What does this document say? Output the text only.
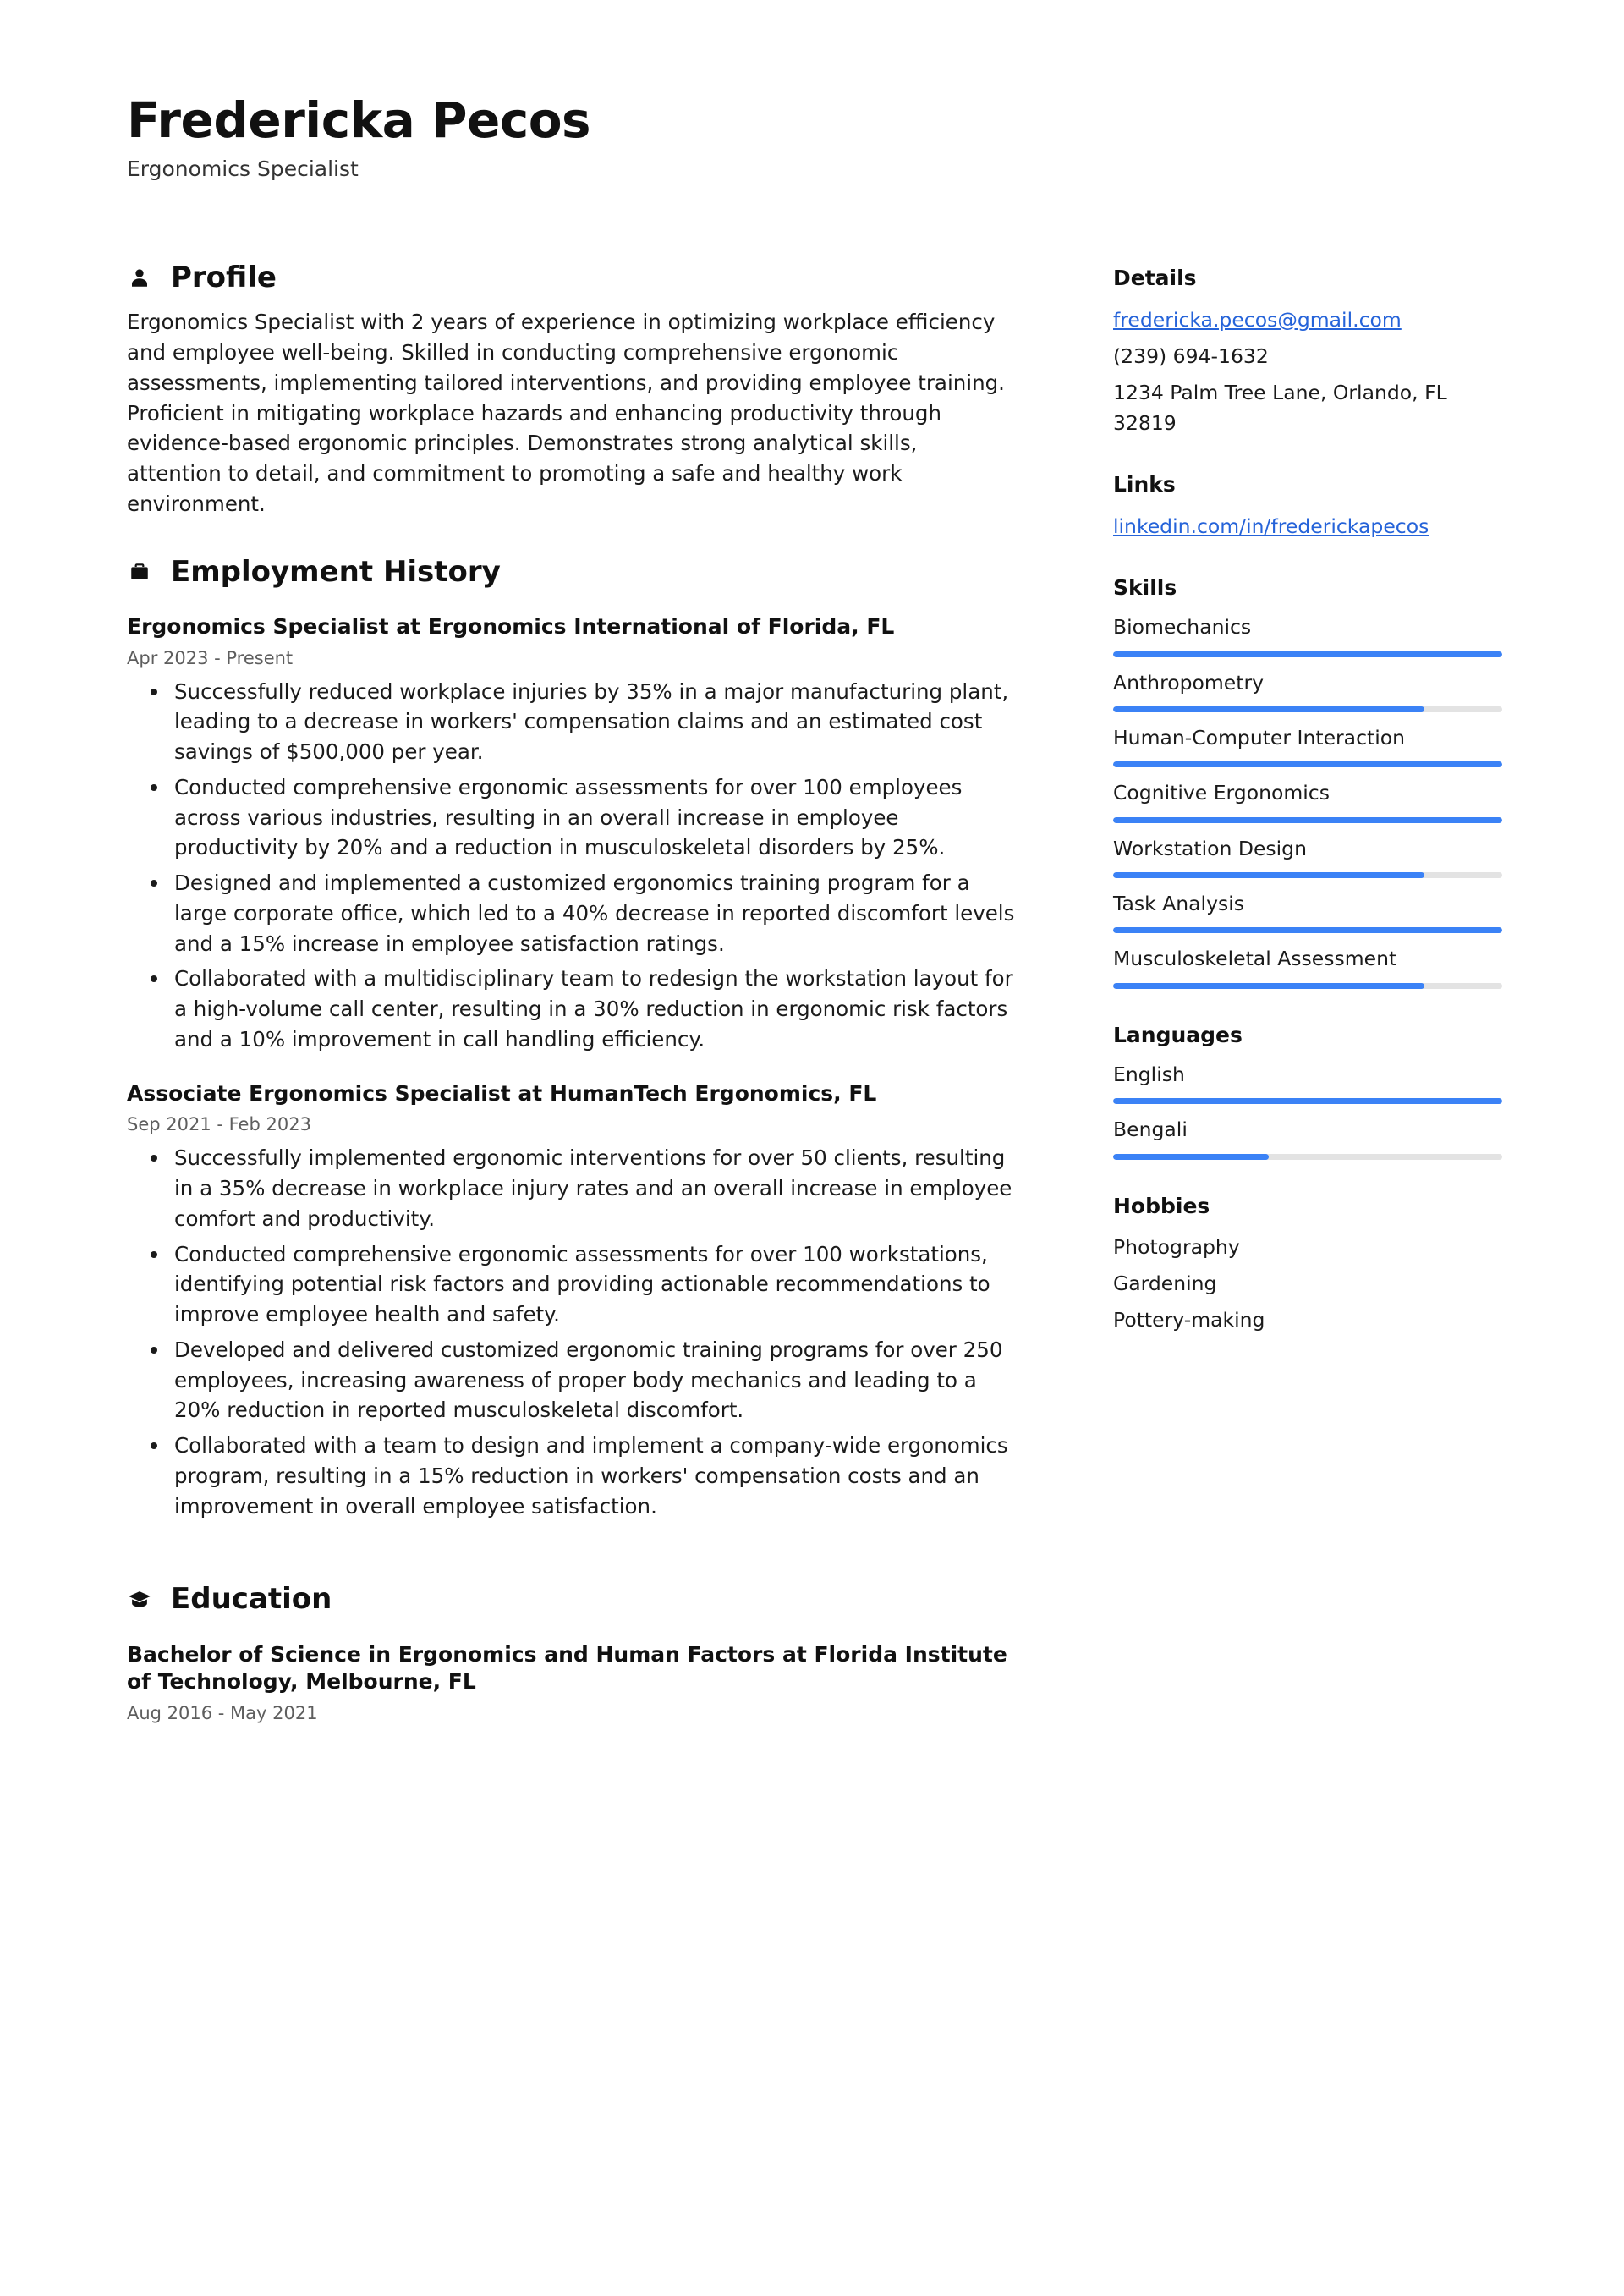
Fredericka Pecos

Ergonomics Specialist

Profile

Ergonomics Specialist with 2 years of experience in optimizing workplace efficiency and employee well-being. Skilled in conducting comprehensive ergonomic assessments, implementing tailored interventions, and providing employee training. Proficient in mitigating workplace hazards and enhancing productivity through evidence-based ergonomic principles. Demonstrates strong analytical skills, attention to detail, and commitment to promoting a safe and healthy work environment.

Employment History

Ergonomics Specialist at Ergonomics International of Florida, FL

Apr 2023 - Present

Successfully reduced workplace injuries by 35% in a major manufacturing plant, leading to a decrease in workers' compensation claims and an estimated cost savings of $500,000 per year.
Conducted comprehensive ergonomic assessments for over 100 employees across various industries, resulting in an overall increase in employee productivity by 20% and a reduction in musculoskeletal disorders by 25%.
Designed and implemented a customized ergonomics training program for a large corporate office, which led to a 40% decrease in reported discomfort levels and a 15% increase in employee satisfaction ratings.
Collaborated with a multidisciplinary team to redesign the workstation layout for a high-volume call center, resulting in a 30% reduction in ergonomic risk factors and a 10% improvement in call handling efficiency.

Associate Ergonomics Specialist at HumanTech Ergonomics, FL

Sep 2021 - Feb 2023

Successfully implemented ergonomic interventions for over 50 clients, resulting in a 35% decrease in workplace injury rates and an overall increase in employee comfort and productivity.
Conducted comprehensive ergonomic assessments for over 100 workstations, identifying potential risk factors and providing actionable recommendations to improve employee health and safety.
Developed and delivered customized ergonomic training programs for over 250 employees, increasing awareness of proper body mechanics and leading to a 20% reduction in reported musculoskeletal discomfort.
Collaborated with a team to design and implement a company-wide ergonomics program, resulting in a 15% reduction in workers' compensation costs and an improvement in overall employee satisfaction.
Education

Bachelor of Science in Ergonomics and Human Factors at Florida Institute of Technology, Melbourne, FL

Aug 2016 - May 2021

Details

fredericka.pecos@gmail.com

(239) 694-1632

1234 Palm Tree Lane, Orlando, FL

32819

Links

linkedin.com/in/frederickapecos

Skills

Biomechanics
Anthropometry
Human-Computer Interaction
Cognitive Ergonomics
Workstation Design
Task Analysis
Musculoskeletal Assessment

Languages

English
Bengali

Hobbies

Photography
Gardening
Pottery-making
